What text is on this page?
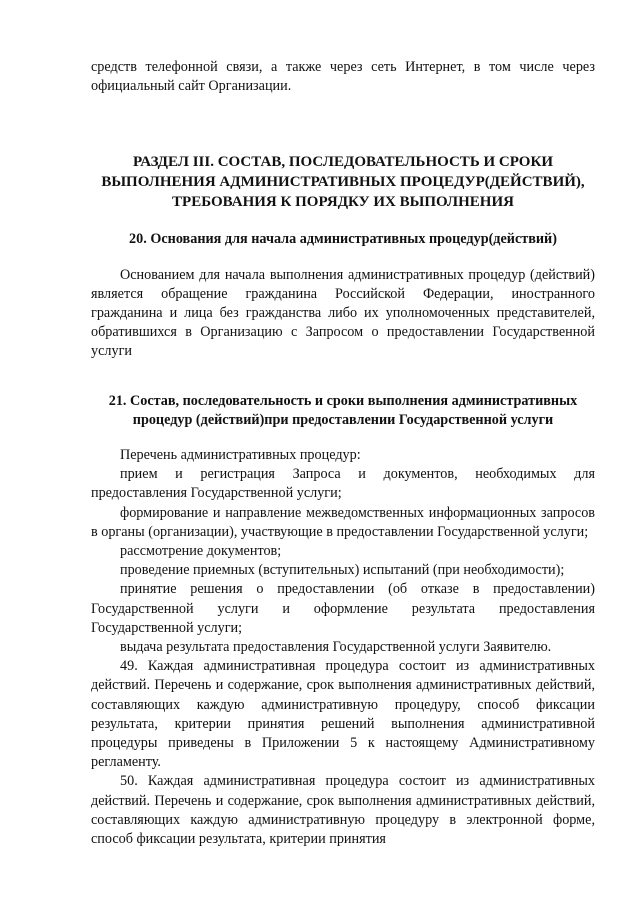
средств телефонной связи, а также через сеть Интернет, в том числе через официальный сайт Организации.

РАЗДЕЛ III. СОСТАВ, ПОСЛЕДОВАТЕЛЬНОСТЬ И СРОКИ

ВЫПОЛНЕНИЯ АДМИНИСТРАТИВНЫХ ПРОЦЕДУР(ДЕЙСТВИЙ),

ТРЕБОВАНИЯ К ПОРЯДКУ ИХ ВЫПОЛНЕНИЯ

20. Основания для начала административных процедур(действий)

Основанием для начала выполнения административных процедур (действий) является обращение гражданина Российской Федерации, иностранного гражданина и лица без гражданства либо их уполномоченных представителей, обратившихся в Организацию с Запросом о предоставлении Государственной услуги

21. Состав, последовательность и сроки выполнения административных

процедур (действий)при предоставлении Государственной услуги

Перечень административных процедур:

прием и регистрация Запроса и документов, необходимых для предоставления Государственной услуги;

формирование и направление межведомственных информационных запросов в органы (организации), участвующие в предоставлении Государственной услуги;

рассмотрение документов;

проведение приемных (вступительных) испытаний (при необходимости);

принятие решения о предоставлении (об отказе в предоставлении) Государственной услуги и оформление результата предоставления Государственной услуги;

выдача результата предоставления Государственной услуги Заявителю.

49. Каждая административная процедура состоит из административных действий. Перечень и содержание, срок выполнения административных действий, составляющих каждую административную процедуру, способ фиксации результата, критерии принятия решений выполнения административной процедуры приведены в Приложении 5 к настоящему Административному регламенту.

50. Каждая административная процедура состоит из административных действий. Перечень и содержание, срок выполнения административных действий, составляющих каждую административную процедуру в электронной форме, способ фиксации результата, критерии принятия
